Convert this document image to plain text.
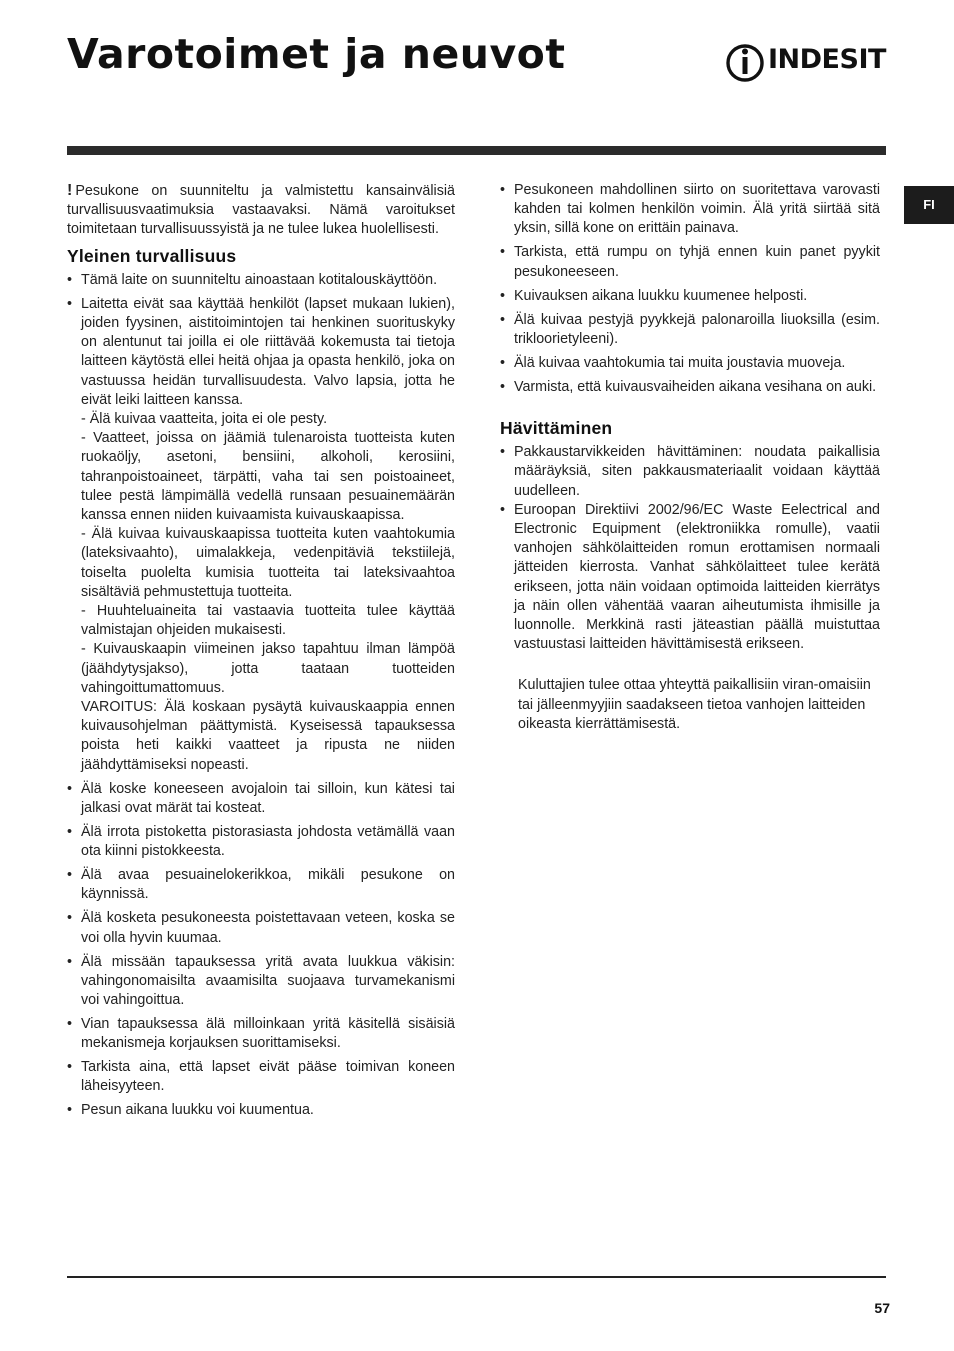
Varotoimet ja neuvot	INDESIT
FI

! Pesukone on suunniteltu ja valmistettu kansainvälisiä turvallisuusvaatimuksia vastaavaksi. Nämä varoitukset toimitetaan turvallisuussyistä ja ne tulee lukea huolellisesti.

Yleinen turvallisuus
• Tämä laite on suunniteltu ainoastaan kotitalouskäyttöön.
• Laitetta eivät saa käyttää henkilöt (lapset mukaan lukien), joiden fyysinen, aistitoimintojen tai henkinen suorituskyky on alentunut tai joilla ei ole riittävää kokemusta tai tietoja laitteen käytöstä ellei heitä ohjaa ja opasta henkilö, joka on vastuussa heidän turvallisuudesta. Valvo lapsia, jotta he eivät leiki laitteen kanssa.
- Älä kuivaa vaatteita, joita ei ole pesty.
- Vaatteet, joissa on jäämiä tulenaroista tuotteista kuten ruokaöljy, asetoni, bensiini, alkoholi, kerosiini, tahranpoistoaineet, tärpätti, vaha tai sen poistoaineet, tulee pestä lämpimällä vedellä runsaan pesuainemäärän kanssa ennen niiden kuivaamista kuivauskaapissa.
- Älä kuivaa kuivauskaapissa tuotteita kuten vaahtokumia (lateksivaahto), uimalakkeja, vedenpitäviä tekstiilejä, toiselta puolelta kumisia tuotteita tai lateksivaahtoa sisältäviä pehmustettuja tuotteita.
- Huuhteluaineita tai vastaavia tuotteita tulee käyttää valmistajan ohjeiden mukaisesti.
- Kuivauskaapin viimeinen jakso tapahtuu ilman lämpöä (jäähdytysjakso), jotta taataan tuotteiden vahingoittumattomuus.
VAROITUS: Älä koskaan pysäytä kuivauskaappia ennen kuivausohjelman päättymistä. Kyseisessä tapauksessa poista heti kaikki vaatteet ja ripusta ne niiden jäähdyttämiseksi nopeasti.
• Älä koske koneeseen avojaloin tai silloin, kun kätesi tai jalkasi ovat märät tai kosteat.
• Älä irrota pistoketta pistorasiasta johdosta vetämällä vaan ota kiinni pistokkeesta.
• Älä avaa pesuainelokerikkoa, mikäli pesukone on käynnissä.
• Älä kosketa pesukoneesta poistettavaan veteen, koska se voi olla hyvin kuumaa.
• Älä missään tapauksessa yritä avata luukkua väkisin: vahingonomaisilta avaamisilta suojaava turvamekanismi voi vahingoittua.
• Vian tapauksessa älä milloinkaan yritä käsitellä sisäisiä mekanismeja korjauksen suorittamiseksi.
• Tarkista aina, että lapset eivät pääse toimivan koneen läheisyyteen.
• Pesun aikana luukku voi kuumentua.
• Pesukoneen mahdollinen siirto on suoritettava varovasti kahden tai kolmen henkilön voimin. Älä yritä siirtää sitä yksin, sillä kone on erittäin painava.
• Tarkista, että rumpu on tyhjä ennen kuin panet pyykit pesukoneeseen.
• Kuivauksen aikana luukku kuumenee helposti.
• Älä kuivaa pestyjä pyykkejä palonaroilla liuoksilla (esim. trikloorietyleeni).
• Älä kuivaa vaahtokumia tai muita joustavia muoveja.
• Varmista, että kuivausvaiheiden aikana vesihana on auki.
Hävittäminen
• Pakkaustarvikkeiden hävittäminen: noudata paikallisia määräyksiä, siten pakkausmateriaalit voidaan käyttää uudelleen.
• Euroopan Direktiivi 2002/96/EC Waste Eelectrical and Electronic Equipment (elektroniikka romulle), vaatii vanhojen sähkölaitteiden romun erottamisen normaali jätteiden kierrosta. Vanhat sähkölaitteet tulee kerätä erikseen, jotta näin voidaan optimoida laitteiden kierrätys ja näin ollen vähentää vaaran aiheutumista ihmisille ja luonnolle. Merkkinä rasti jäteastian päällä muistuttaa vastuustasi laitteiden hävittämisestä erikseen.
Kuluttajien tulee ottaa yhteyttä paikallisiin viran-omaisiin tai jälleenmyyjiin saadakseen tietoa vanhojen laitteiden oikeasta kierrättämisestä.
57
